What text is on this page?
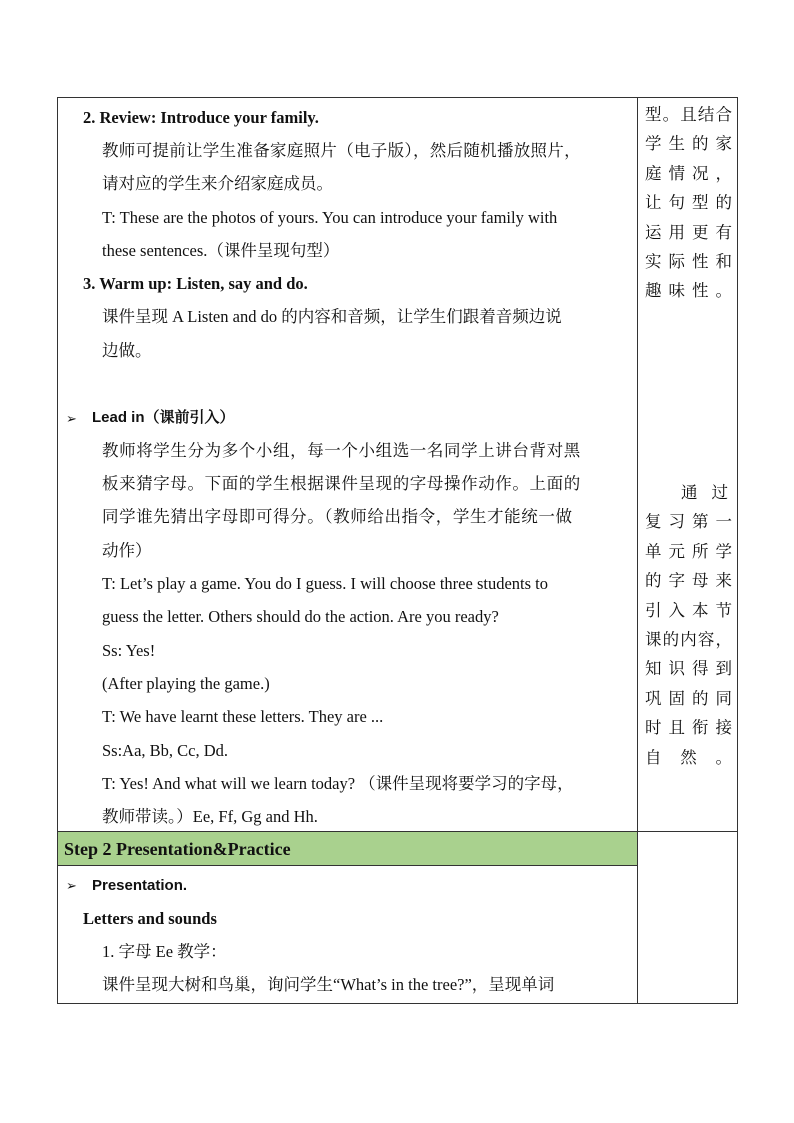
2. Review: Introduce your family.
教师可提前让学生准备家庭照片（电子版），然后随机播放照片，
请对应的学生来介绍家庭成员。
T: These are the photos of yours. You can introduce your family with
these sentences.（课件呈现句型）
3. Warm up: Listen, say and do.
课件呈现 A Listen and do 的内容和音频，让学生们跟着音频边说
边做。
➢ Lead in（课前引入）
教师将学生分为多个小组，每一个小组选一名同学上讲台背对黑
板来猜字母。下面的学生根据课件呈现的字母操作动作。上面的
同学谁先猜出字母即可得分。（教师给出指令，学生才能统一做
动作）
T: Let’s play a game. You do I guess. I will choose three students to
guess the letter. Others should do the action. Are you ready?
Ss: Yes!
(After playing the game.)
T: We have learnt these letters. They are ...
Ss:Aa, Bb, Cc, Dd.
T: Yes! And what will we learn today? （课件呈现将要学习的字母，
教师带读。）Ee, Ff, Gg and Hh.
Step 2 Presentation&Practice
➢ Presentation.
Letters and sounds
1. 字母 Ee 教学：
课件呈现大树和鸟巢，询问学生“What’s in the tree?”，呈现单词
型 。 且 结 合
学 生 的 家
庭 情 况 ，
让 句 型 的
运 用 更 有
实 际 性 和
趣 味 性 。
通 过
复 习 第 一
单 元 所 学
的 字 母 来
引 入 本 节
课 的 内 容 ，
知 识 得 到
巩 固 的 同
时 且 衔 接
自 然 。
